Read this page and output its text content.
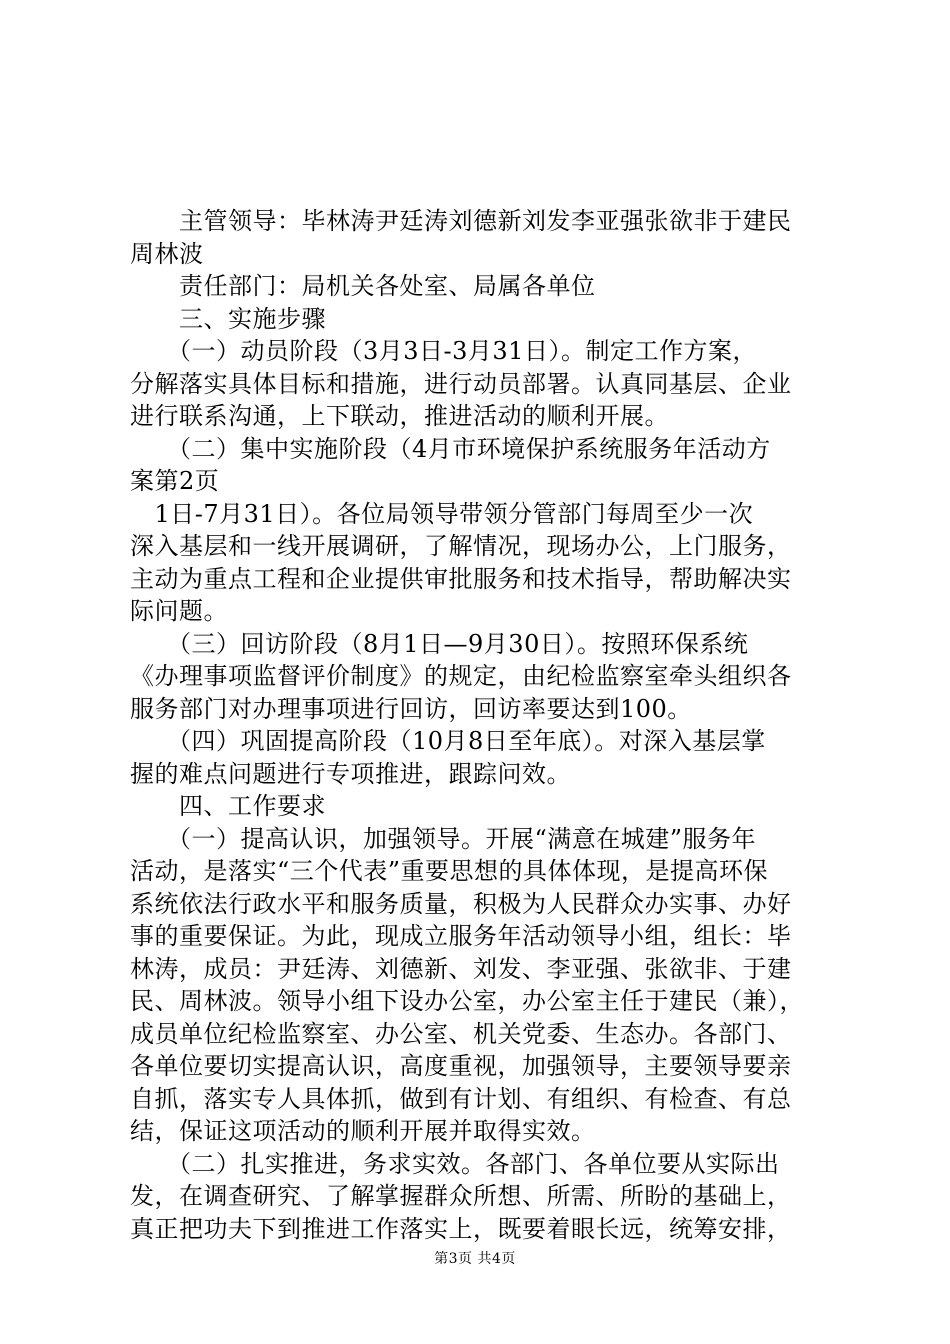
　　主管领导：毕林涛尹廷涛刘德新刘发李亚强张欲非于建民
周林波
　　责任部门：局机关各处室、局属各单位
　　三、实施步骤
　　（一）动员阶段（3月3日-3月31日）。制定工作方案，
分解落实具体目标和措施，进行动员部署。认真同基层、企业
进行联系沟通，上下联动，推进活动的顺利开展。
　　（二）集中实施阶段（4月市环境保护系统服务年活动方
案第2页
　1日-7月31日）。各位局领导带领分管部门每周至少一次
深入基层和一线开展调研，了解情况，现场办公，上门服务，
主动为重点工程和企业提供审批服务和技术指导，帮助解决实
际问题。
　　（三）回访阶段（8月1日—9月30日）。按照环保系统
《办理事项监督评价制度》的规定，由纪检监察室牵头组织各
服务部门对办理事项进行回访，回访率要达到100。
　　（四）巩固提高阶段（10月8日至年底）。对深入基层掌
握的难点问题进行专项推进，跟踪问效。
　　四、工作要求
　　（一）提高认识，加强领导。开展“满意在城建”服务年
活动，是落实“三个代表”重要思想的具体体现，是提高环保
系统依法行政水平和服务质量，积极为人民群众办实事、办好
事的重要保证。为此，现成立服务年活动领导小组，组长：毕
林涛，成员：尹廷涛、刘德新、刘发、李亚强、张欲非、于建
民、周林波。领导小组下设办公室，办公室主任于建民（兼），
成员单位纪检监察室、办公室、机关党委、生态办。各部门、
各单位要切实提高认识，高度重视，加强领导，主要领导要亲
自抓，落实专人具体抓，做到有计划、有组织、有检查、有总
结，保证这项活动的顺利开展并取得实效。
　　（二）扎实推进，务求实效。各部门、各单位要从实际出
发，在调查研究、了解掌握群众所想、所需、所盼的基础上，
真正把功夫下到推进工作落实上，既要着眼长远，统筹安排，
第3页 共4页
